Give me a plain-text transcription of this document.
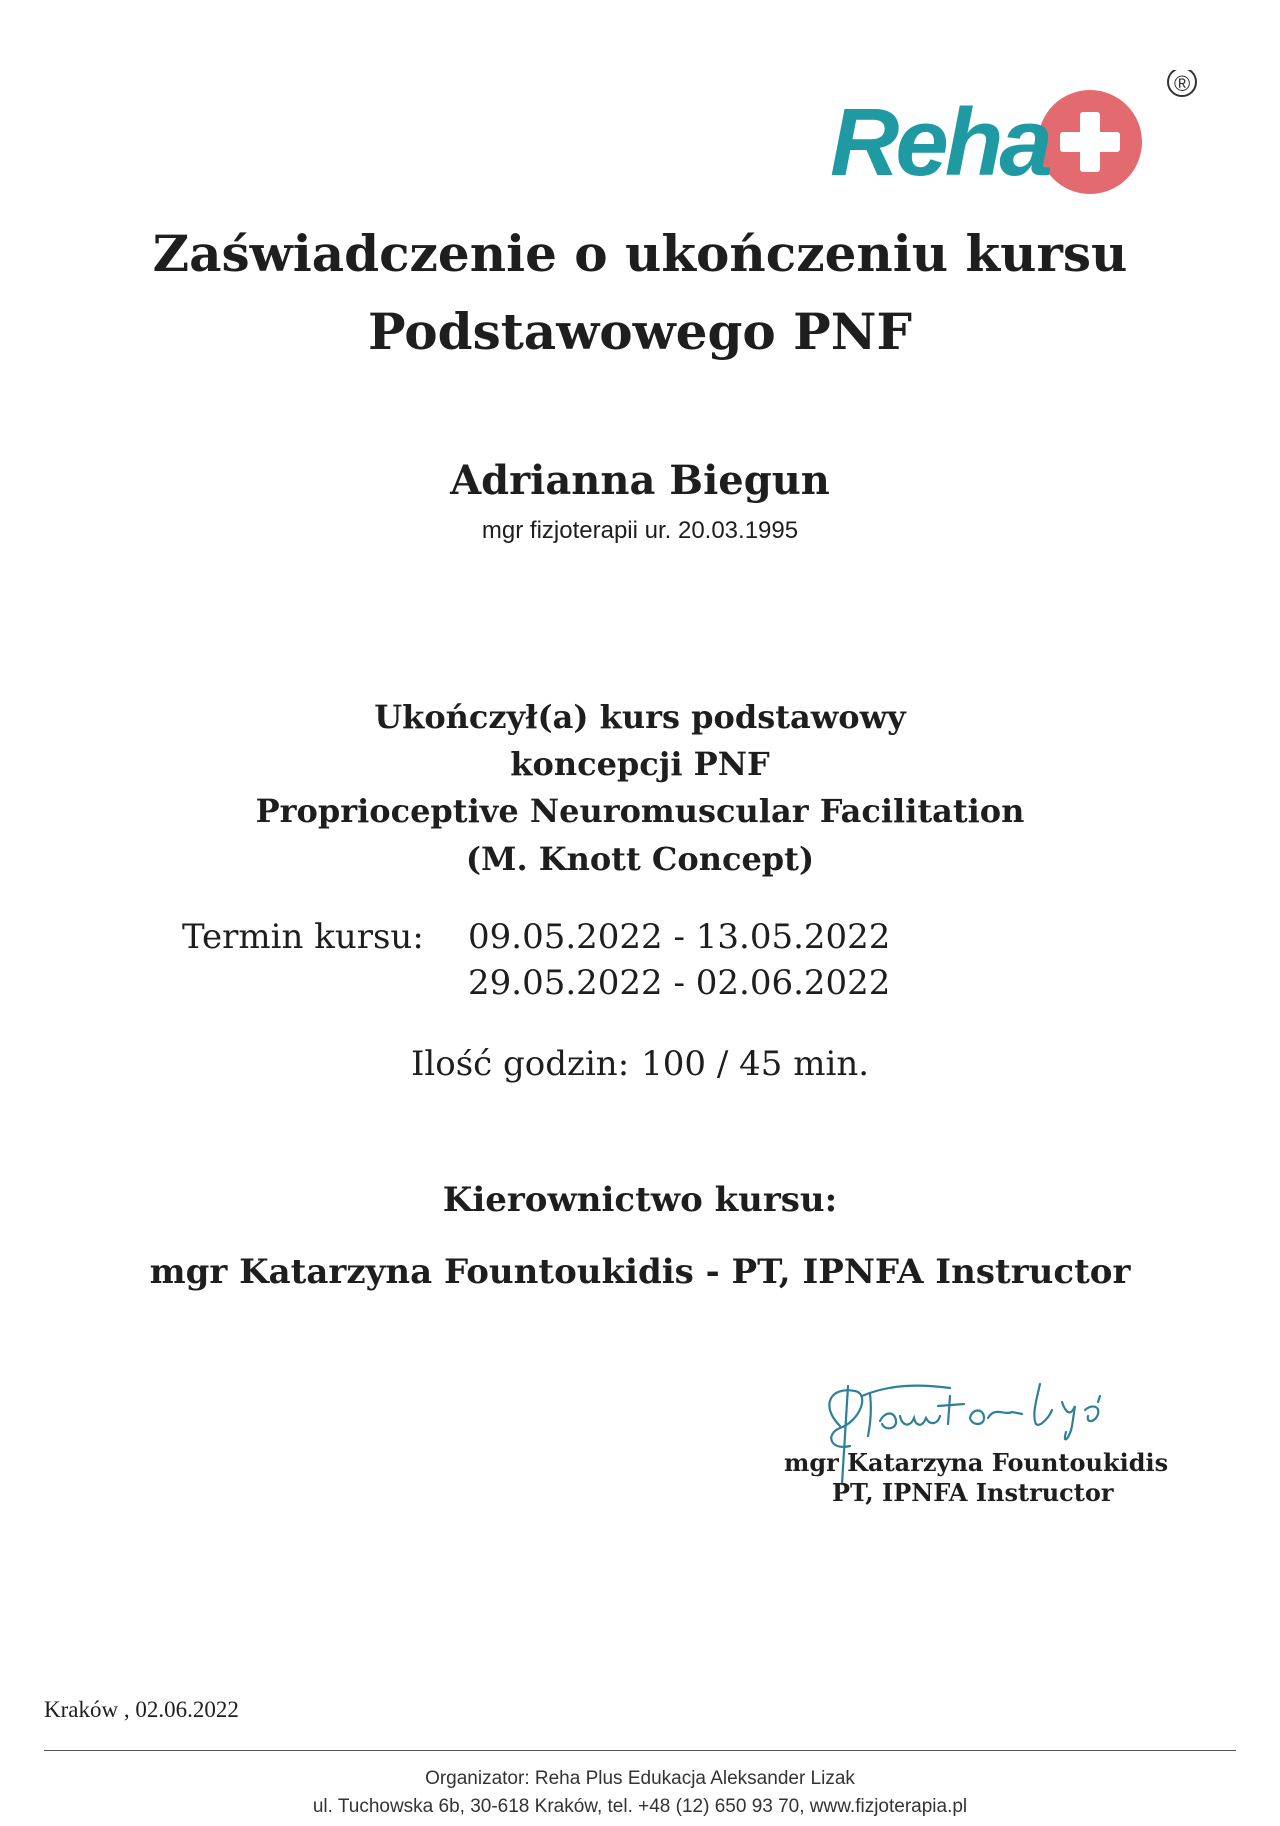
Reha
®
Zaświadczenie o ukończeniu kursu
Podstawowego PNF
Adrianna Biegun
mgr fizjoterapii ur. 20.03.1995
Ukończył(a) kurs podstawowy
koncepcji PNF
Proprioceptive Neuromuscular Facilitation
(M. Knott Concept)
Termin kursu: 09.05.2022 - 13.05.2022
29.05.2022 - 02.06.2022
Ilość godzin: 100 / 45 min.
Kierownictwo kursu:
mgr Katarzyna Fountoukidis - PT, IPNFA Instructor
mgr Katarzyna Fountoukidis
PT, IPNFA Instructor
Kraków , 02.06.2022
Organizator: Reha Plus Edukacja Aleksander Lizak
ul. Tuchowska 6b, 30-618 Kraków, tel. +48 (12) 650 93 70, www.fizjoterapia.pl
